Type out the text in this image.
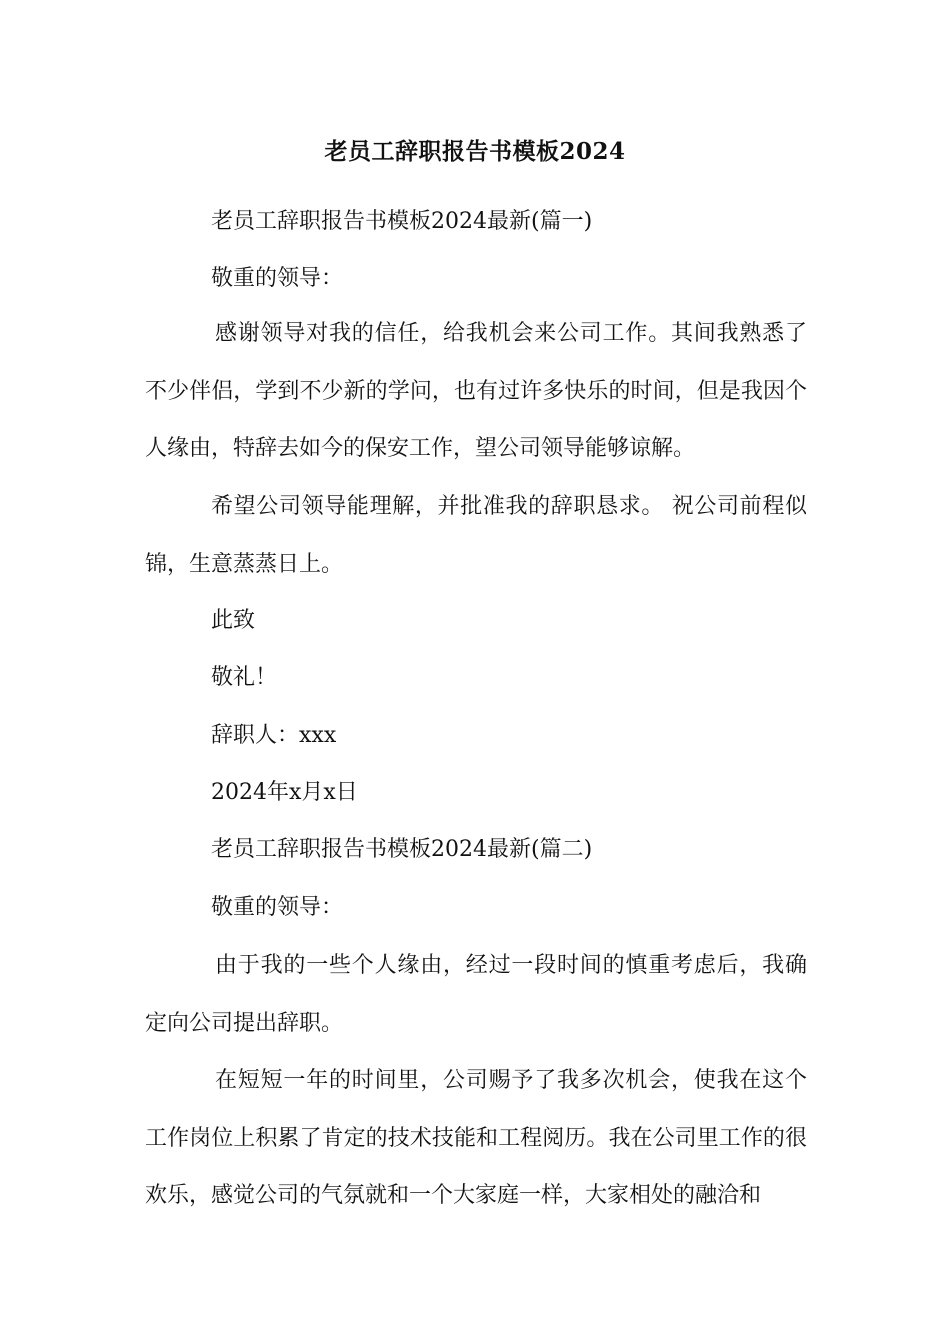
老员工辞职报告书模板2024
老员工辞职报告书模板2024最新(篇一)
敬重的领导：

感谢领导对我的信任，给我机会来公司工作。其间我熟悉了不少伴侣，学到不少新的学问，也有过许多快乐的时间，但是我因个人缘由，特辞去如今的保安工作，望公司领导能够谅解。

希望公司领导能理解，并批准我的辞职恳求。 祝公司前程似锦，生意蒸蒸日上。

此致
敬礼！
辞职人：xxx
2024年x月x日
老员工辞职报告书模板2024最新(篇二)
敬重的领导：

由于我的一些个人缘由，经过一段时间的慎重考虑后，我确定向公司提出辞职。

在短短一年的时间里，公司赐予了我多次机会，使我在这个工作岗位上积累了肯定的技术技能和工程阅历。我在公司里工作的很欢乐，感觉公司的气氛就和一个大家庭一样，大家相处的融洽和
